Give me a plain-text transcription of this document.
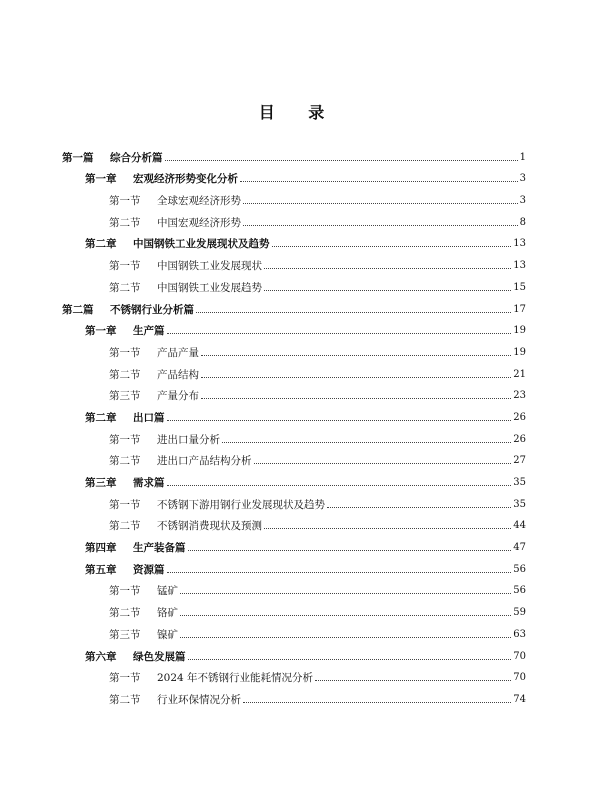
目 录
第一篇	综合分析篇	1
第一章	宏观经济形势变化分析	3
第一节	全球宏观经济形势	3
第二节	中国宏观经济形势	8
第二章	中国钢铁工业发展现状及趋势	13
第一节	中国钢铁工业发展现状	13
第二节	中国钢铁工业发展趋势	15
第二篇	不锈钢行业分析篇	17
第一章	生产篇	19
第一节	产品产量	19
第二节	产品结构	21
第三节	产量分布	23
第二章	出口篇	26
第一节	进出口量分析	26
第二节	进出口产品结构分析	27
第三章	需求篇	35
第一节	不锈钢下游用钢行业发展现状及趋势	35
第二节	不锈钢消费现状及预测	44
第四章	生产装备篇	47
第五章	资源篇	56
第一节	锰矿	56
第二节	铬矿	59
第三节	镍矿	63
第六章	绿色发展篇	70
第一节	2024 年不锈钢行业能耗情况分析	70
第二节	行业环保情况分析	74
